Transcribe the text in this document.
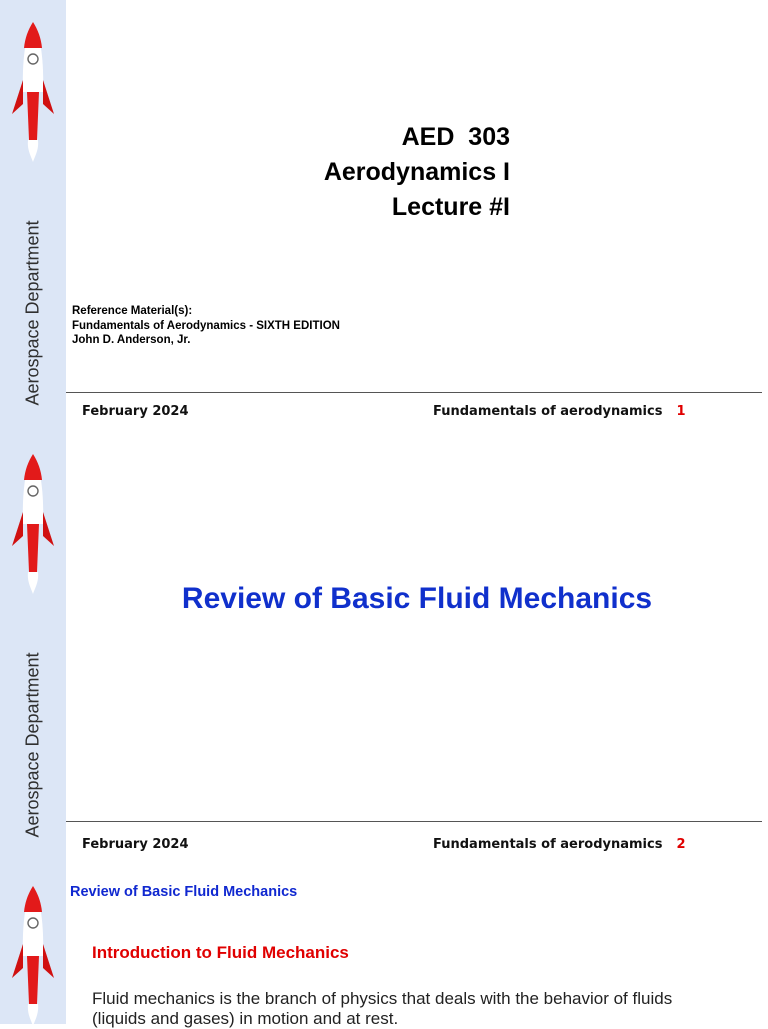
Aerospace Department
AED  303
Aerodynamics I
Lecture #I
Reference Material(s):
Fundamentals of Aerodynamics - SIXTH EDITION
John D. Anderson, Jr.
February 2024	Fundamentals of aerodynamics 1
Aerospace Department
February 2024	Fundamentals of aerodynamics 2
Review of Basic Fluid Mechanics
Review of Basic Fluid Mechanics
Introduction to Fluid Mechanics
Fluid mechanics is the branch of physics that deals with the behavior of fluids (liquids and gases) in motion and at rest.
